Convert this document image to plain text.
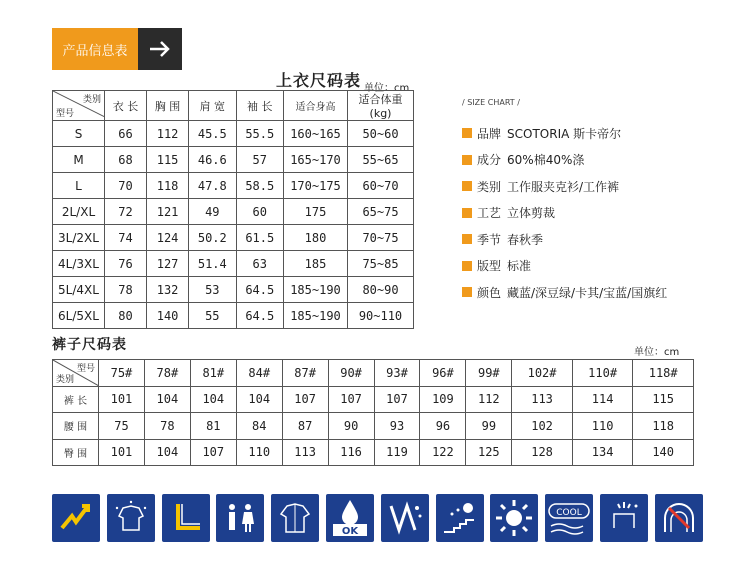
产品信息表
上衣尺码表 单位：cm
类别
型号	衣 长	胸 围	肩 宽	袖 长	适合身高	适合体重(kg)
S	66	112	45.5	55.5	160~165	50~60
M	68	115	46.6	57	165~170	55~65
L	70	118	47.8	58.5	170~175	60~70
2L/XL	72	121	49	60	175	65~75
3L/2XL	74	124	50.2	61.5	180	70~75
4L/3XL	76	127	51.4	63	185	75~85
5L/4XL	78	132	53	64.5	185~190	80~90
6L/5XL	80	140	55	64.5	185~190	90~110
/ SIZE CHART /
品牌 SCOTORIA 斯卡帝尔
成分 60%棉40%涤
类别 工作服夹克衫/工作裤
工艺 立体剪裁
季节 春秋季
版型 标准
颜色 藏蓝/深豆绿/卡其/宝蓝/国旗红
裤子尺码表	单位：cm
型号
类别	75#	78#	81#	84#	87#	90#	93#	96#	99#	102#	110#	118#
裤 长	101	104	104	104	107	107	107	109	112	113	114	115
腰 围	75	78	81	84	87	90	93	96	99	102	110	118
臀 围	101	104	107	110	113	116	119	122	125	128	134	140
OK
COOL
